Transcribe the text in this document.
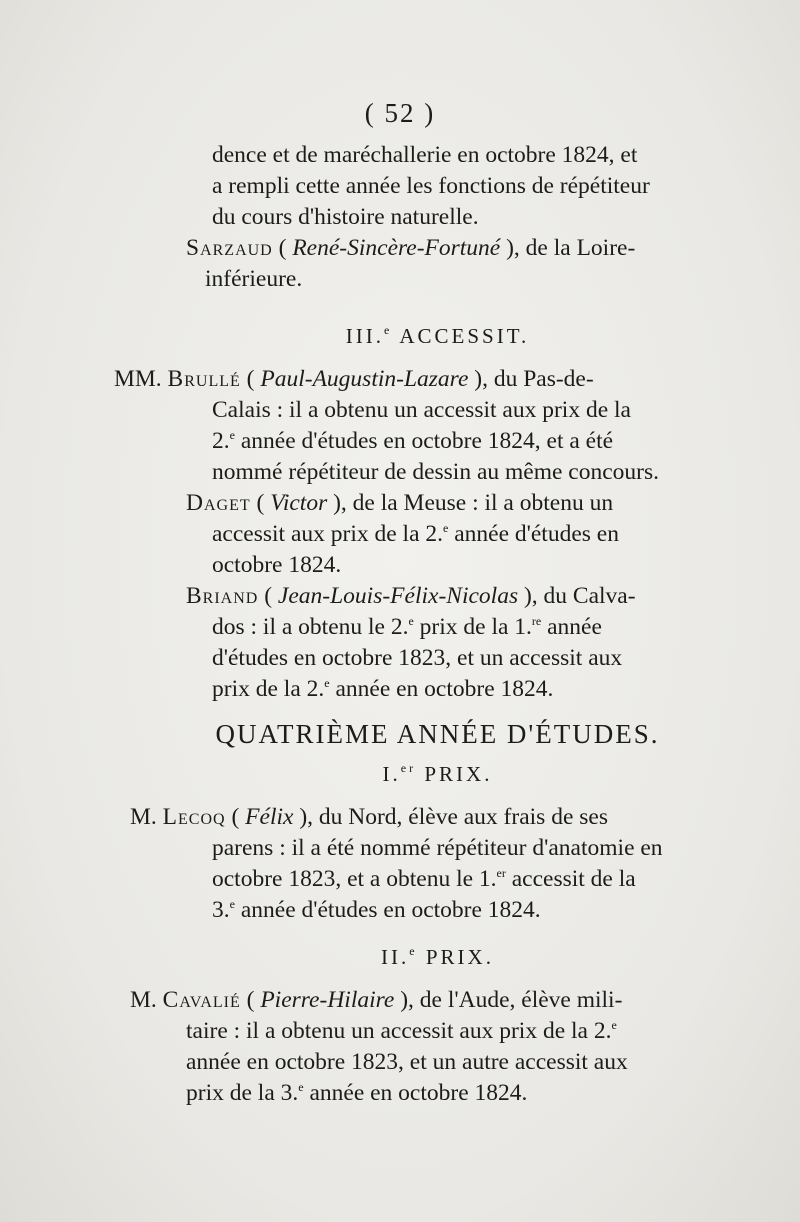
( 52 )
dence et de maréchallerie en octobre 1824, et
a rempli cette année les fonctions de répétiteur
du cours d'histoire naturelle.
Sarzaud ( René-Sincère-Fortuné ), de la Loire-
inférieure.
III.$^e$ ACCESSIT.
MM. Brullé ( Paul-Augustin-Lazare ), du Pas-de-
Calais : il a obtenu un accessit aux prix de la
2.$^e$ année d'études en octobre 1824, et a été
nommé répétiteur de dessin au même concours.
Daget ( Victor ), de la Meuse : il a obtenu un
accessit aux prix de la 2.$^e$ année d'études en
octobre 1824.
Briand ( Jean-Louis-Félix-Nicolas ), du Calva-
dos : il a obtenu le 2.$^e$ prix de la 1.$^{re}$ année
d'études en octobre 1823, et un accessit aux
prix de la 2.$^e$ année en octobre 1824.
QUATRIÈME ANNÉE D'ÉTUDES.
I.$^{er}$ PRIX.
M. Lecoq ( Félix ), du Nord, élève aux frais de ses
parens : il a été nommé répétiteur d'anatomie en
octobre 1823, et a obtenu le 1.$^{er}$ accessit de la
3.$^e$ année d'études en octobre 1824.
II.$^e$ PRIX.
M. Cavalié ( Pierre-Hilaire ), de l'Aude, élève mili-
taire : il a obtenu un accessit aux prix de la 2.$^e$
année en octobre 1823, et un autre accessit aux
prix de la 3.$^e$ année en octobre 1824.
